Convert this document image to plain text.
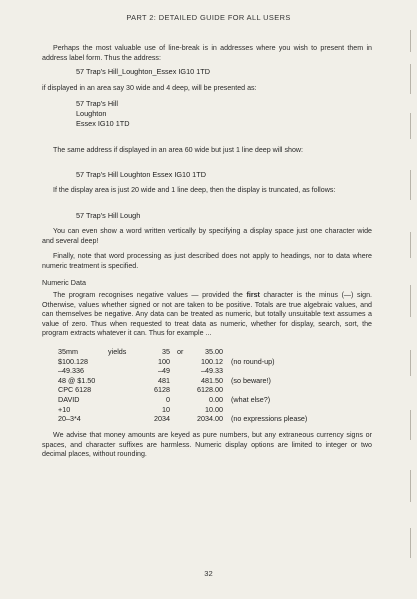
PART 2: DETAILED GUIDE FOR ALL USERS

Perhaps the most valuable use of line-break is in addresses where you wish to present them in address label form. Thus the address:

57 Trap's Hill_Loughton_Essex IG10 1TD

if displayed in an area say 30 wide and 4 deep, will be presented as:

57 Trap's Hill
Loughton
Essex IG10 1TD

The same address if displayed in an area 60 wide but just 1 line deep will show:

57 Trap's Hill Loughton Essex IG10 1TD

If the display area is just 20 wide and 1 line deep, then the display is truncated, as follows:

57 Trap's Hill Lough

You can even show a word written vertically by specifying a display space just one character wide and several deep!

Finally, note that word processing as just described does not apply to headings, nor to data where numeric treatment is specified.

Numeric Data

The program recognises negative values — provided the first character is the minus (—) sign. Otherwise, values whether signed or not are taken to be positive. Totals are true algebraic values, and can themselves be negative. Any data can be treated as numeric, but totally unsuitable text assumes a value of zero. Thus when requested to treat data as numeric, whether for display, search, sort, the program extracts whatever it can. Thus for example ...

35mm	yields	35 or	35.00
$100.128	100	100.12 (no round-up)
–49.336	–49	–49.33
48 @ $1.50	481	481.50 (so beware!)
CPC 6128	6128	6128.00
DAVID	0	0.00 (what else?)
+10	10	10.00
20–3*4	2034	2034.00 (no expressions please)

We advise that money amounts are keyed as pure numbers, but any extraneous currency signs or spaces, and character suffixes are harmless. Numeric display options are limited to integer or two decimal places, without rounding.

32
